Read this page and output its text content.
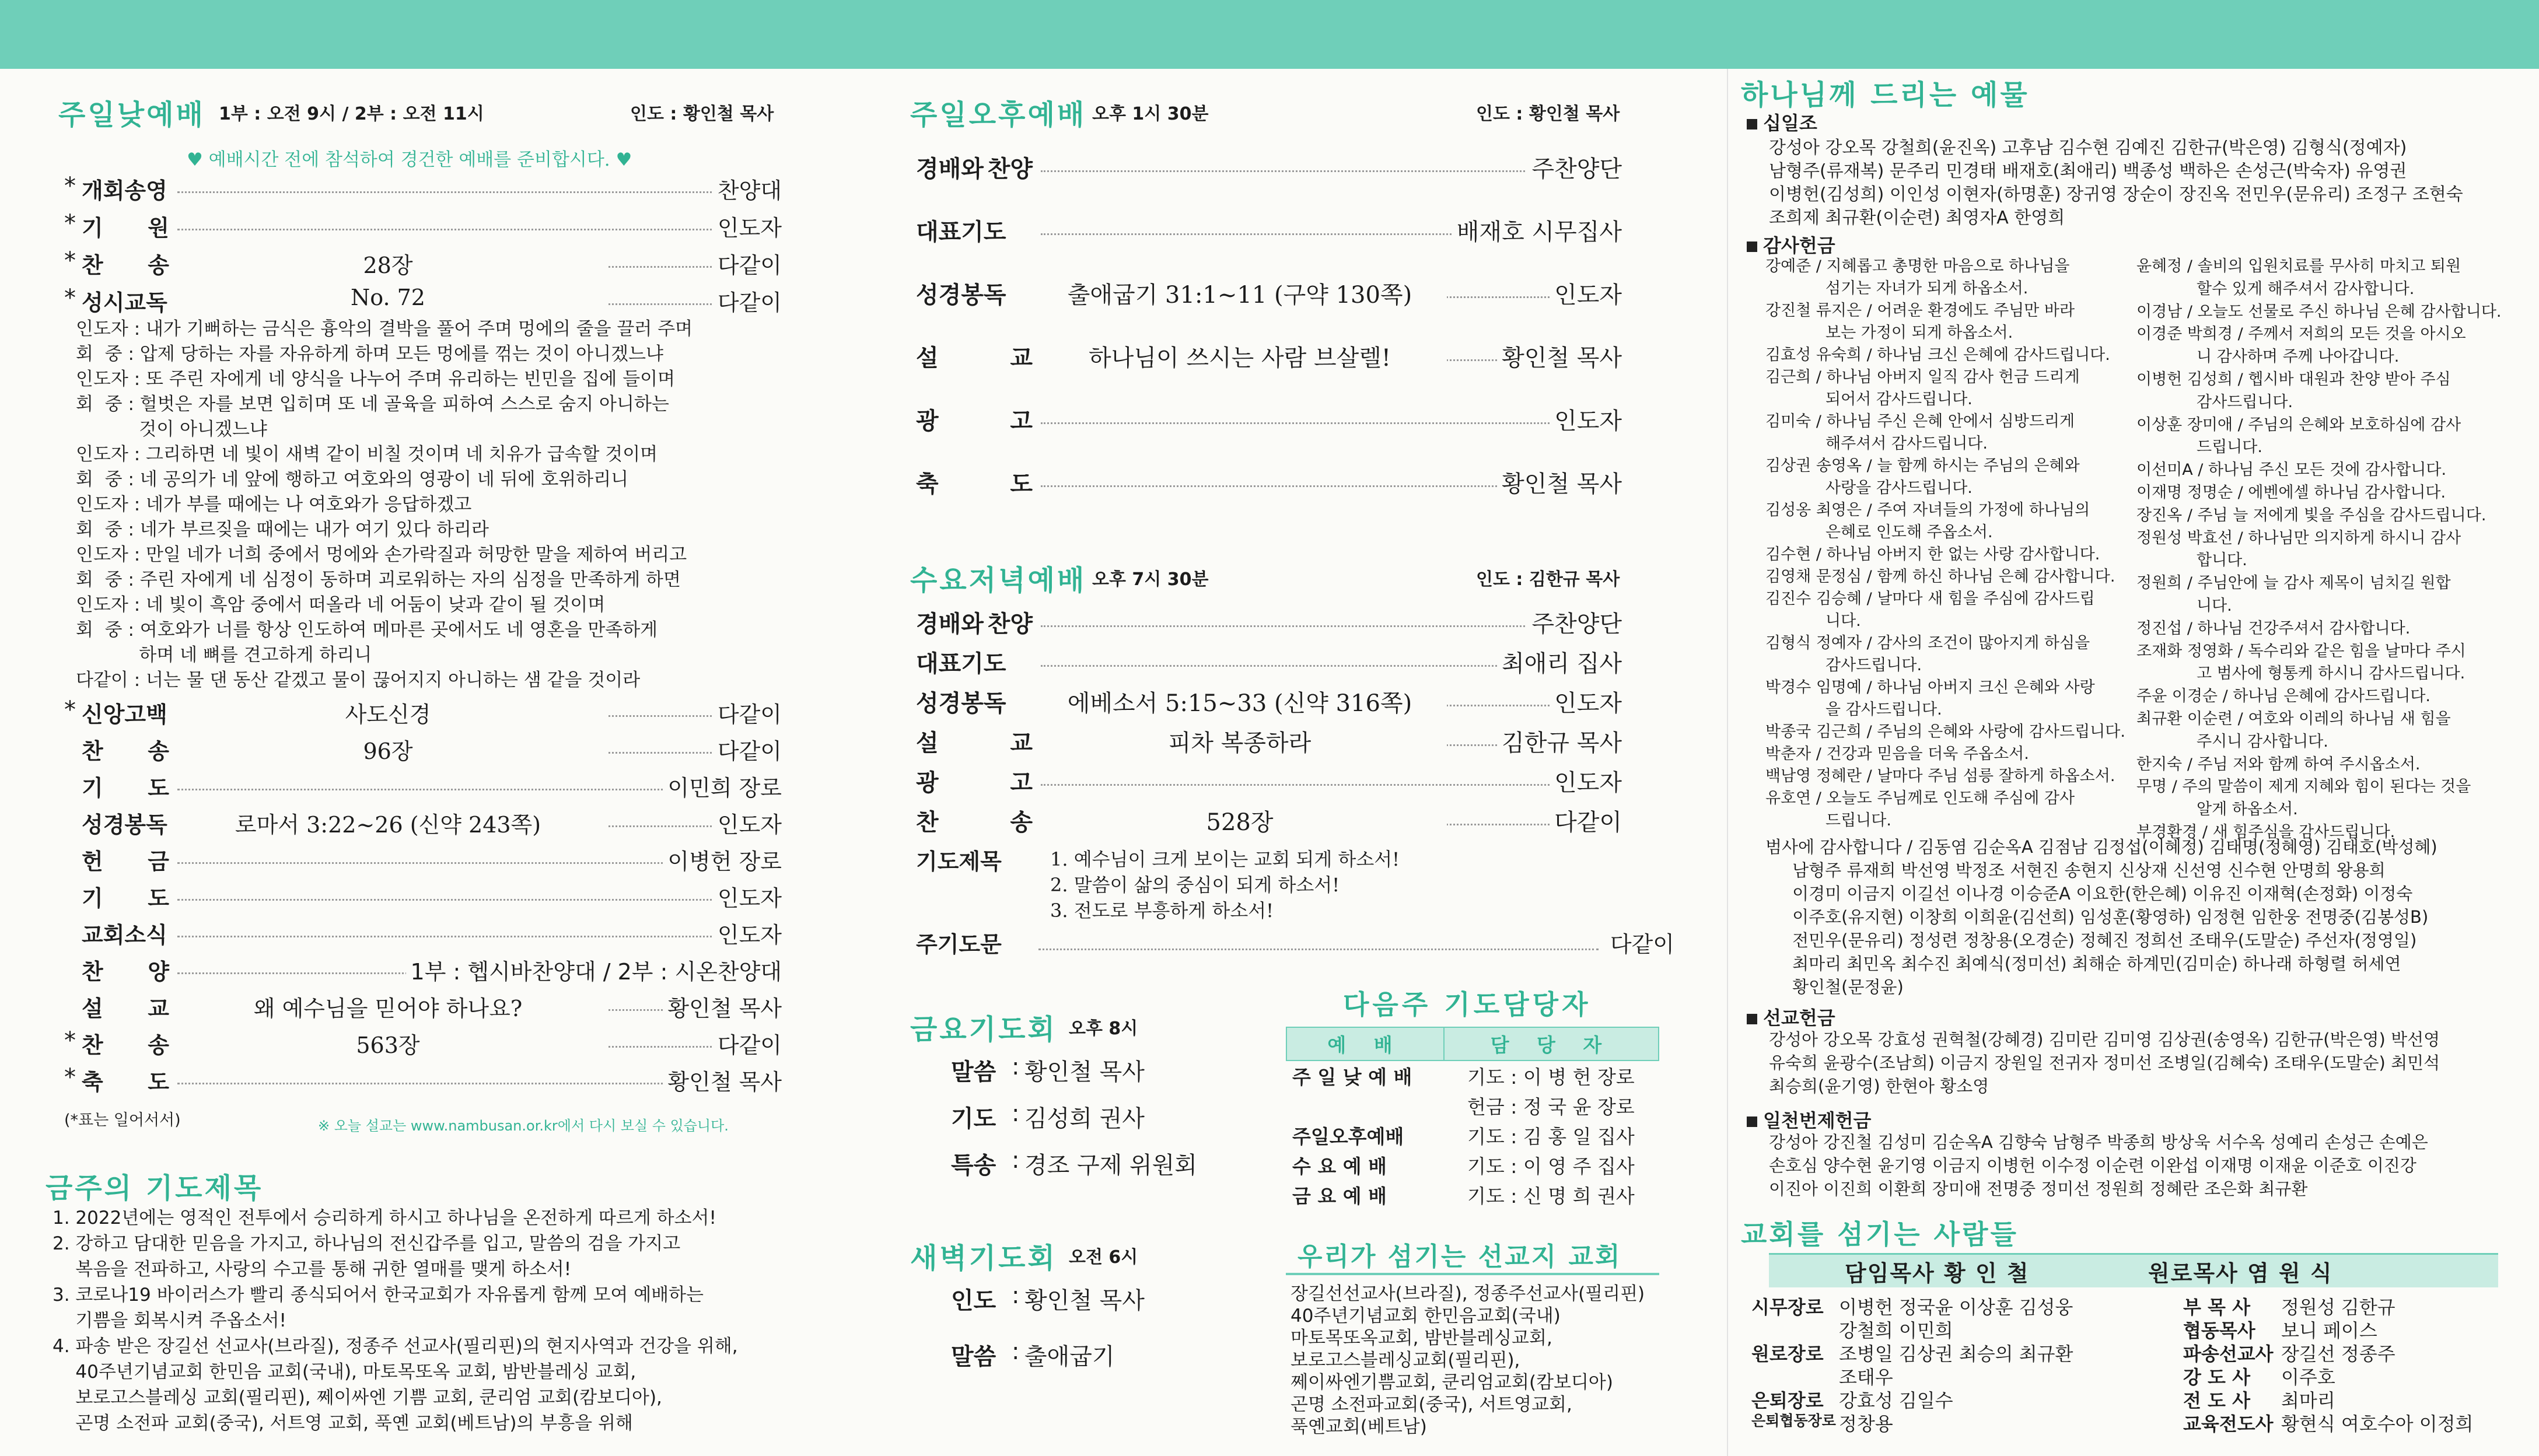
주일낮예배 1부 : 오전 9시 / 2부 : 오전 11시	인도 : 황인철 목사
♥ 예배시간 전에 참석하여 경건한 예배를 준비합시다. ♥
* 개회송영	찬양대
* 기 원	인도자
* 찬 송	28장	다같이
* 성시교독	No. 72	다같이
인도자 : 내가 기뻐하는 금식은 흉악의 결박을 풀어 주며 멍에의 줄을 끌러 주며
회  중 : 압제 당하는 자를 자유하게 하며 모든 멍에를 꺾는 것이 아니겠느냐
인도자 : 또 주린 자에게 네 양식을 나누어 주며 유리하는 빈민을 집에 들이며
회  중 : 헐벗은 자를 보면 입히며 또 네 골육을 피하여 스스로 숨지 아니하는
것이 아니겠느냐
인도자 : 그리하면 네 빛이 새벽 같이 비칠 것이며 네 치유가 급속할 것이며
회  중 : 네 공의가 네 앞에 행하고 여호와의 영광이 네 뒤에 호위하리니
인도자 : 네가 부를 때에는 나 여호와가 응답하겠고
회  중 : 네가 부르짖을 때에는 내가 여기 있다 하리라
인도자 : 만일 네가 너희 중에서 멍에와 손가락질과 허망한 말을 제하여 버리고
회  중 : 주린 자에게 네 심정이 동하며 괴로워하는 자의 심정을 만족하게 하면
인도자 : 네 빛이 흑암 중에서 떠올라 네 어둠이 낮과 같이 될 것이며
회  중 : 여호와가 너를 항상 인도하여 메마른 곳에서도 네 영혼을 만족하게
하며 네 뼈를 견고하게 하리니
다같이 : 너는 물 댄 동산 같겠고 물이 끊어지지 아니하는 샘 같을 것이라
* 신앙고백	사도신경	다같이
찬 송	96장	다같이
기 도	이민희 장로
성경봉독	로마서 3:22~26 (신약 243쪽)	인도자
헌 금	이병헌 장로
기 도	인도자
교회소식	인도자
찬 양	1부 : 헵시바찬양대 / 2부 : 시온찬양대
설 교	왜 예수님을 믿어야 하나요?	황인철 목사
* 찬 송	563장	다같이
* 축 도	황인철 목사
(*표는 일어서서)	※ 오늘 설교는 www.nambusan.or.kr에서 다시 보실 수 있습니다.
금주의 기도제목
1. 2022년에는 영적인 전투에서 승리하게 하시고 하나님을 온전하게 따르게 하소서!
2. 강하고 담대한 믿음을 가지고, 하나님의 전신갑주를 입고, 말씀의 검을 가지고
복음을 전파하고, 사랑의 수고를 통해 귀한 열매를 맺게 하소서!
3. 코로나19 바이러스가 빨리 종식되어서 한국교회가 자유롭게 함께 모여 예배하는
기쁨을 회복시켜 주옵소서!
4. 파송 받은 장길선 선교사(브라질), 정종주 선교사(필리핀)의 현지사역과 건강을 위해,
40주년기념교회 한민음 교회(국내), 마토목또옥 교회, 밤반블레싱 교회,
보로고스블레싱 교회(필리핀), 쩨이싸엔 기쁨 교회, 쿤리엄 교회(캄보디아),
곤명 소전파 교회(중국), 서트영 교회, 푹옌 교회(베트남)의 부흥을 위해
주일오후예배 오후 1시 30분	인도 : 황인철 목사
경배와 찬양	주찬양단
대표기도	배재호 시무집사
성경봉독	출애굽기 31:1~11 (구약 130쪽)	인도자
설	교	하나님이 쓰시는 사람 브살렐!	황인철 목사
광	고	인도자
축	도	황인철 목사
수요저녁예배 오후 7시 30분	인도 : 김한규 목사
경배와 찬양	주찬양단
대표기도	최애리 집사
성경봉독	에베소서 5:15~33 (신약 316쪽)	인도자
설	교	피차 복종하라	김한규 목사
광	고	인도자
찬	송	528장	다같이
기도제목	1. 예수님이 크게 보이는 교회 되게 하소서!
2. 말씀이 삶의 중심이 되게 하소서!
3. 전도로 부흥하게 하소서!
주기도문	다같이
금요기도회 오후 8시
말씀 : 황인철 목사
기도 : 김성희 권사
특송 : 경조 구제 위원회
새벽기도회 오전 6시
인도 : 황인철 목사
말씀 : 출애굽기
다음주 기도담당자
예 배	담 당 자
주 일 낮 예 배	기도 : 이 병 헌 장로
	헌금 : 정 국 윤 장로
주일오후예배	기도 : 김 홍 일 집사
수 요 예 배	기도 : 이 영 주 집사
금 요 예 배	기도 : 신 명 희 권사
우리가 섬기는 선교지 교회
장길선선교사(브라질), 정종주선교사(필리핀)
40주년기념교회 한민음교회(국내)
마토목또옥교회, 밤반블레싱교회,
보로고스블레싱교회(필리핀),
쩨이싸엔기쁨교회, 쿤리엄교회(캄보디아)
곤명 소전파교회(중국), 서트영교회,
푹옌교회(베트남)
하나님께 드리는 예물
십일조
강성아 강오목 강철희(윤진옥) 고후남 김수현 김예진 김한규(박은영) 김형식(정예자)
남형주(류재복) 문주리 민경태 배재호(최애리) 백종성 백하은 손성근(박숙자) 유영권
이병헌(김성희) 이인성 이현자(하명훈) 장귀영 장순이 장진옥 전민우(문유리) 조정구 조현숙
조희제 최규환(이순련) 최영자A 한영희
감사헌금
강예준 / 지혜롭고 총명한 마음으로 하나님을
섬기는 자녀가 되게 하옵소서.
강진철 류지은 / 어려운 환경에도 주님만 바라
보는 가정이 되게 하옵소서.
김효성 유숙희 / 하나님 크신 은혜에 감사드립니다.
김근희 / 하나님 아버지 일직 감사 헌금 드리게
되어서 감사드립니다.
김미숙 / 하나님 주신 은혜 안에서 심방드리게
해주셔서 감사드립니다.
김상권 송영옥 / 늘 함께 하시는 주님의 은혜와
사랑을 감사드립니다.
김성옹 최영은 / 주여 자녀들의 가정에 하나님의
은혜로 인도해 주옵소서.
김수현 / 하나님 아버지 한 없는 사랑 감사합니다.
김영채 문정심 / 함께 하신 하나님 은혜 감사합니다.
김진수 김승혜 / 날마다 새 힘을 주심에 감사드립
니다.
김형식 정예자 / 감사의 조건이 많아지게 하심을
감사드립니다.
박경수 임명예 / 하나님 아버지 크신 은혜와 사랑
을 감사드립니다.
박종국 김근희 / 주님의 은혜와 사랑에 감사드립니다.
박춘자 / 건강과 믿음을 더욱 주옵소서.
백남영 정혜란 / 날마다 주님 섬릉 잘하게 하옵소서.
유호연 / 오늘도 주님께로 인도해 주심에 감사
드립니다.
윤혜정 / 솔비의 입원치료를 무사히 마치고 퇴원
할수 있게 해주셔서 감사합니다.
이경남 / 오늘도 선물로 주신 하나님 은혜 감사합니다.
이경준 박희경 / 주께서 저희의 모든 것을 아시오
니 감사하며 주께 나아갑니다.
이병헌 김성희 / 헵시바 대원과 찬양 받아 주심
감사드립니다.
이상훈 장미애 / 주님의 은혜와 보호하심에 감사
드립니다.
이선미A / 하나님 주신 모든 것에 감사합니다.
이재명 정명순 / 에벤에셀 하나님 감사합니다.
장진옥 / 주님 늘 저에게 빛을 주심을 감사드립니다.
정원성 박효선 / 하나님만 의지하게 하시니 감사
합니다.
정원희 / 주님안에 늘 감사 제목이 넘치길 원합
니다.
정진섭 / 하나님 건강주셔서 감사합니다.
조재화 정영화 / 독수리와 같은 힘을 날마다 주시
고 범사에 형통케 하시니 감사드립니다.
주윤 이경순 / 하나님 은혜에 감사드립니다.
최규환 이순련 / 여호와 이레의 하나님 새 힘을
주시니 감사합니다.
한지숙 / 주님 저와 함께 하여 주시옵소서.
무명 / 주의 말씀이 제게 지혜와 힘이 된다는 것을
알게 하옵소서.
부경환경 / 새 힘주심을 감사드립니다.
범사에 감사합니다 / 김동염 김순옥A 김점남 김정섭(이혜정) 김태명(정혜영) 김태호(박성혜)
남형주 류재희 박선영 박정조 서현진 송현지 신상재 신선영 신수현 안명희 왕용희
이경미 이금지 이길선 이나경 이승준A 이요한(한은혜) 이유진 이재혁(손정화) 이정숙
이주호(유지현) 이창희 이희윤(김선희) 임성훈(황영하) 임정현 임한웅 전명중(김봉성B)
전민우(문유리) 정성련 정창용(오경순) 정혜진 정희선 조태우(도말순) 주선자(정영일)
최마리 최민옥 최수진 최예식(정미선) 최해순 하계민(김미순) 하나래 하형렬 허세연
황인철(문정윤)
선교헌금
강성아 강오목 강효성 권혁철(강혜경) 김미란 김미영 김상권(송영옥) 김한규(박은영) 박선영
유숙희 윤광수(조남희) 이금지 장원일 전귀자 정미선 조병일(김혜숙) 조태우(도말순) 최민석
최승희(윤기영) 한현아 황소영
일천번제헌금
강성아 강진철 김성미 김순옥A 김향숙 남형주 박종희 방상욱 서수옥 성예리 손성근 손예은
손호심 양수현 윤기영 이금지 이병헌 이수정 이순련 이완섭 이재명 이재윤 이준호 이진강
이진아 이진희 이환희 장미애 전명중 정미선 정원희 정혜란 조은화 최규환
교회를 섬기는 사람들
담임목사 황 인 철	원로목사 염 원 식
시무장로 이병헌 정국윤 이상훈 김성웅
강철희 이민희
원로장로 조병일 김상권 최승의 최규환
조태우
은퇴장로 강효성 김일수
은퇴협동장로 정창용
부 목 사 정원성 김한규
협동목사 보니 페이스
파송선교사 장길선 정종주
강 도 사 이주호
전 도 사 최마리
교육전도사 황현식 여호수아 이정희
